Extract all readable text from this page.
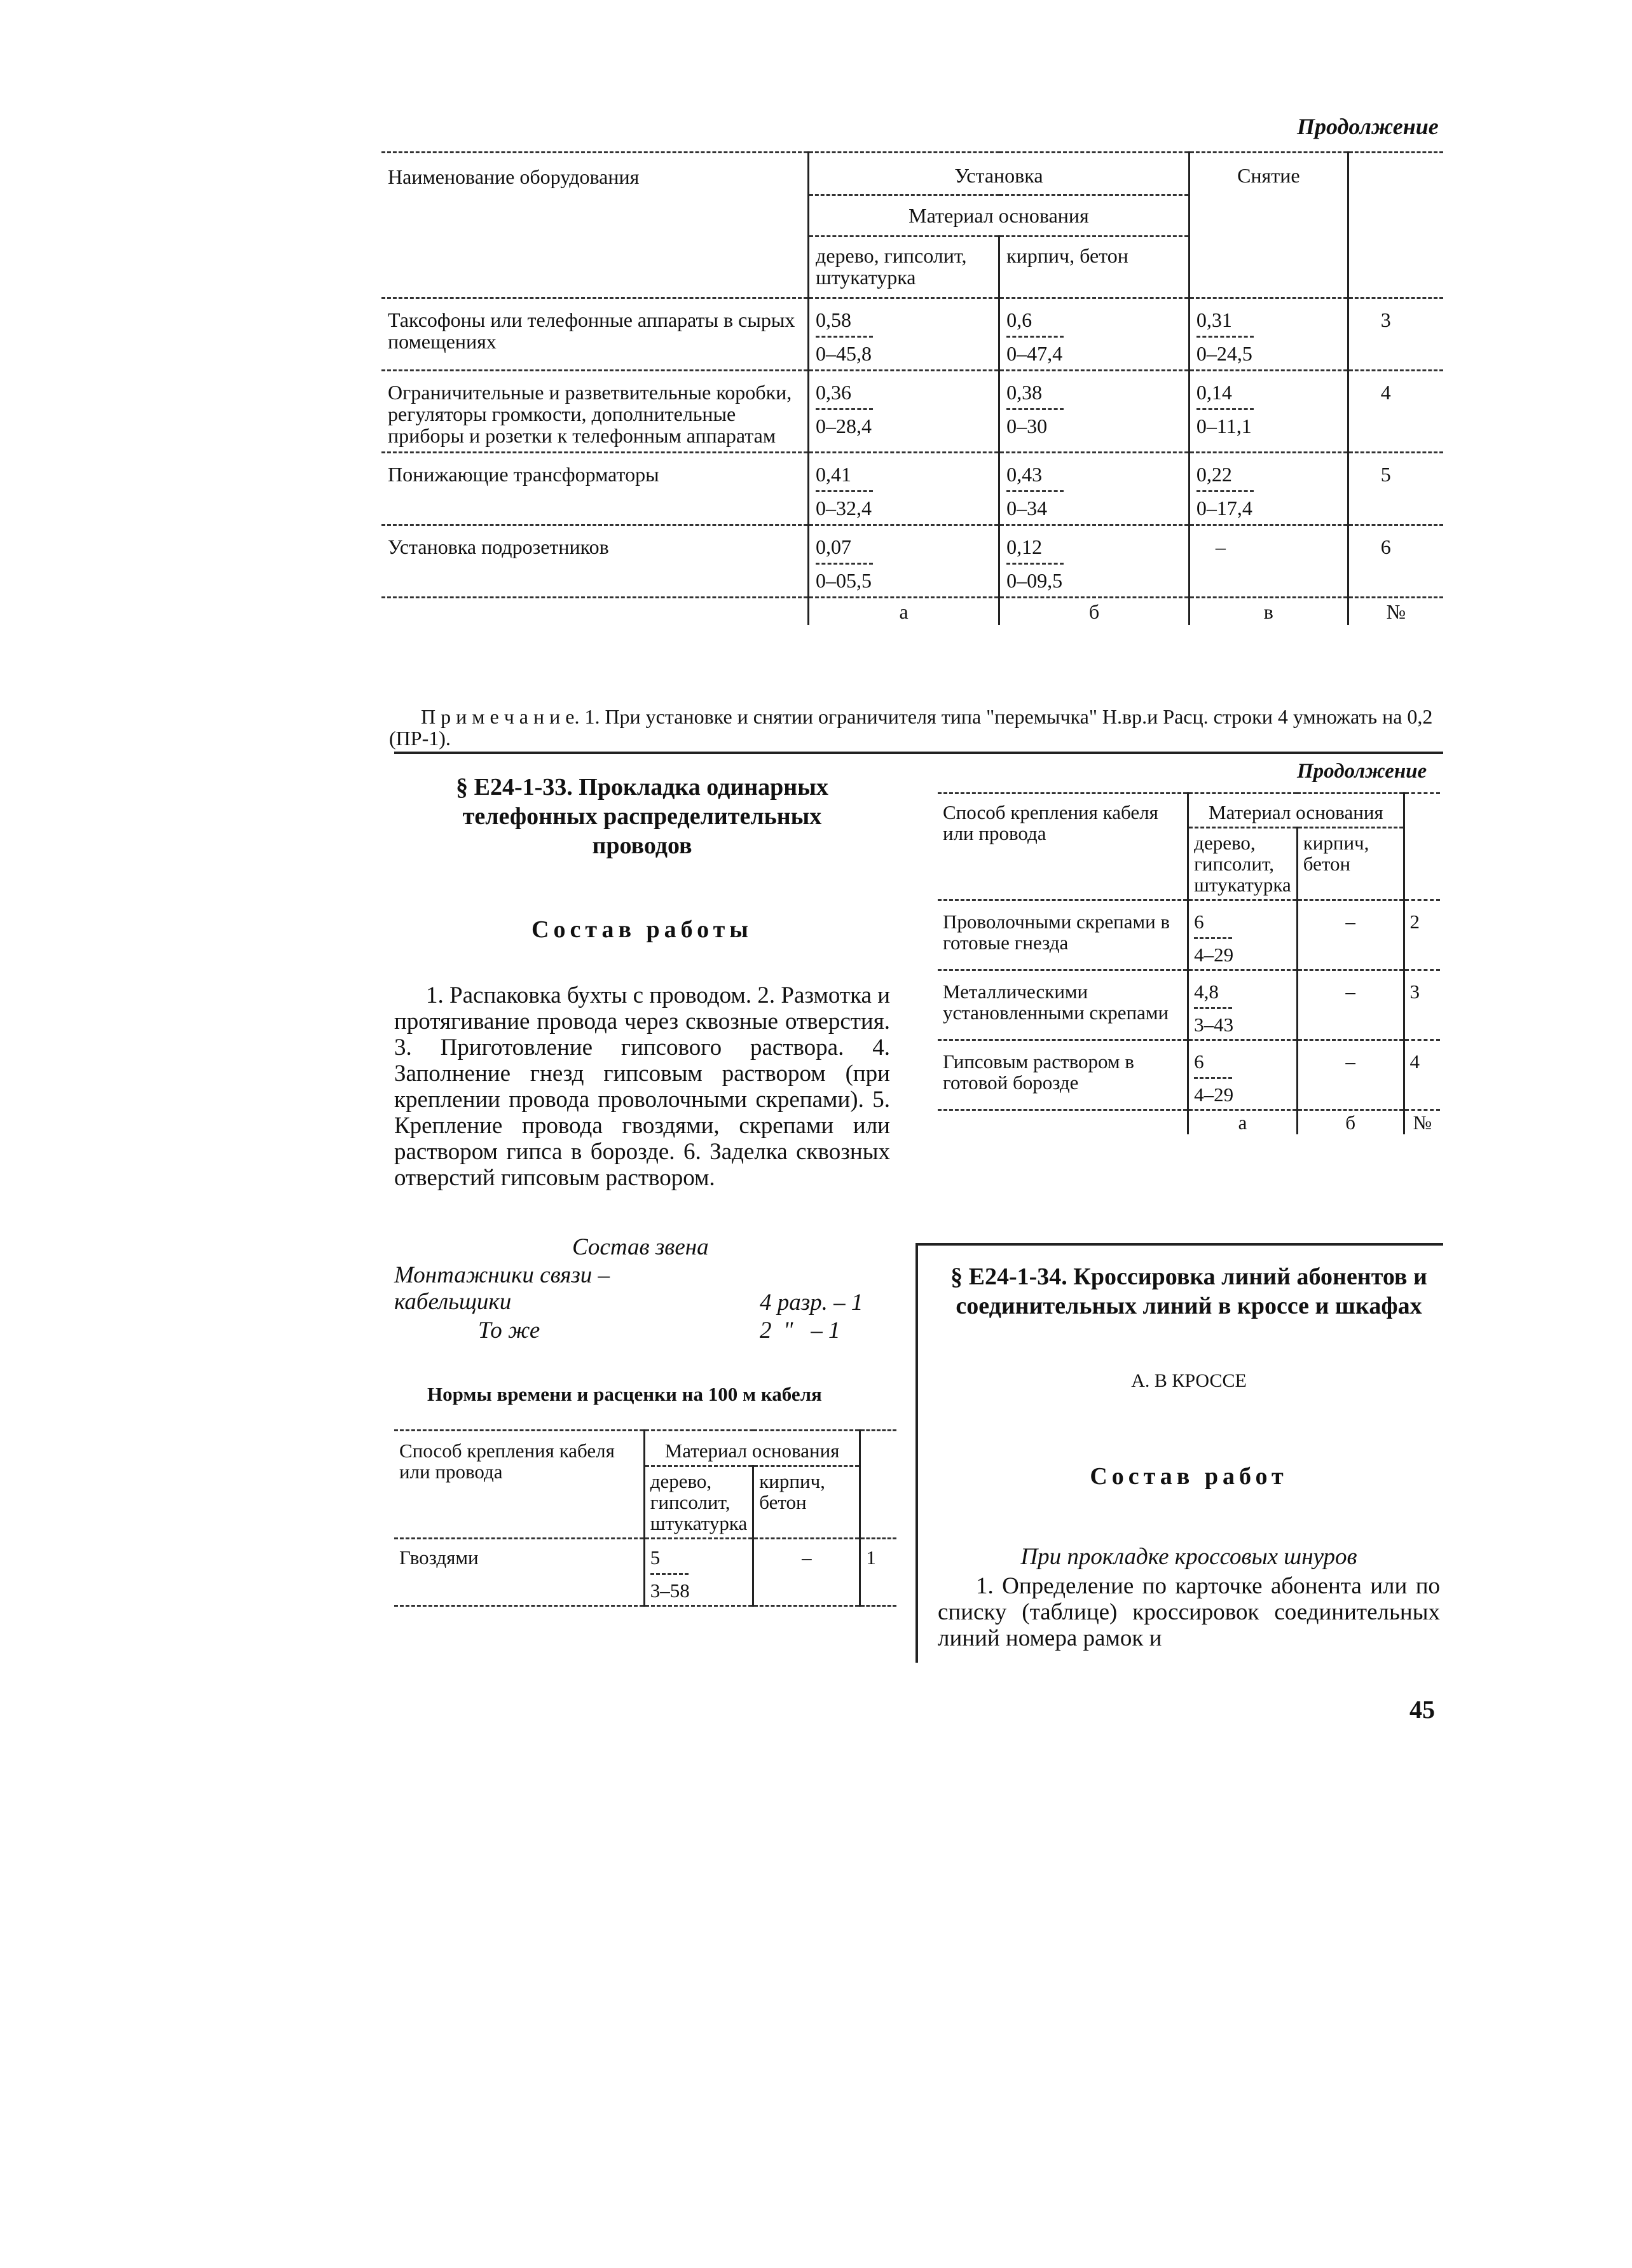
Продолжение
Наименование оборудования	Установка		Снятие	
	Материал основания			
	дерево, гипсолит, штукатурка	кирпич, бетон		
Таксофоны или телефонные аппараты в сырых помещениях	$\frac{0,58}{0-45,8}$	$\frac{0,6}{0-47,4}$	$\frac{0,31}{0-24,5}$	3
Ограничительные и разветвительные коробки, регуляторы громкости, дополнительные приборы и розетки к телефонным аппаратам	$\frac{0,36}{0-28,4}$	$\frac{0,38}{0-30}$	$\frac{0,14}{0-11,1}$	4
Понижающие трансформаторы	$\frac{0,41}{0-32,4}$	$\frac{0,43}{0-34}$	$\frac{0,22}{0-17,4}$	5
Установка подрозетников	$\frac{0,07}{0-05,5}$	$\frac{0,12}{0-09,5}$	–	6
	а	б	в	№
П р и м е ч а н и е. 1. При установке и снятии ограничителя типа "перемычка" Н.вр.и Расц. строки 4 умножать на 0,2 (ПР-1).
§ Е24-1-33. Прокладка одинарных телефонных распределительных проводов
Состав работы
1. Распаковка бухты с проводом. 2. Размотка и протягивание провода через сквозные отверстия. 3. Приготовление гипсового раствора. 4. Заполнение гнезд гипсовым раствором (при креплении провода проволочными скрепами). 5. Крепление провода гвоздями, скрепами или раствором гипса в борозде. 6. Заделка сквозных отверстий гипсовым раствором.
Состав звена
Монтажники связи – кабельщики	4 разр. – 1
То же	2  "   – 1
Нормы времени и расценки на 100 м кабеля
Способ крепления кабеля или провода	Материал основания		
	дерево, гипсолит, штукатурка	кирпич, бетон	
Гвоздями	$\frac{5}{3-58}$	–	1

Продолжение
Способ крепления кабеля или провода	Материал основания		
	дерево, гипсолит, штукатурка	кирпич, бетон	
Проволочными скрепами в готовые гнезда	$\frac{6}{4-29}$	–	2
Металлическими установленными скрепами	$\frac{4,8}{3-43}$	–	3
Гипсовым раствором в готовой борозде	$\frac{6}{4-29}$	–	4
	а	б	№
§ Е24-1-34. Кроссировка линий абонентов и соединительных линий в кроссе и шкафах
А. В КРОССЕ
Состав работ
При прокладке кроссовых шнуров
1. Определение по карточке абонента или по списку (таблице) кроссировок соединительных линий номера рамок и
45
